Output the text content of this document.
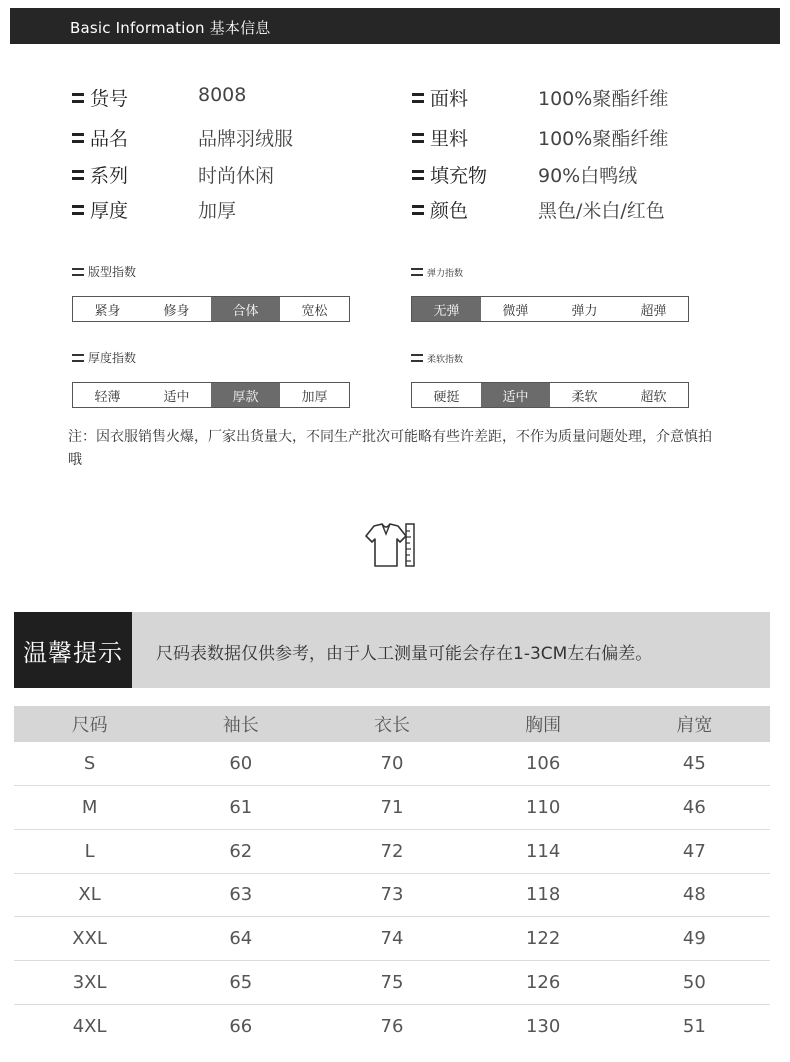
Basic Information 基本信息
货号	8008
品名	品牌羽绒服
系列	时尚休闲
厚度	加厚
面料	100%聚酯纤维
里料	100%聚酯纤维
填充物	90%白鸭绒
颜色	黑色/米白/红色
版型指数
紧身	修身	合体	宽松
弹力指数
无弹	微弹	弹力	超弹
厚度指数
轻薄	适中	厚款	加厚
柔软指数
硬挺	适中	柔软	超软
注：因衣服销售火爆，厂家出货量大，不同生产批次可能略有些许差距，不作为质量问题处理，介意慎拍哦
温馨提示	尺码表数据仅供参考，由于人工测量可能会存在1-3CM左右偏差。
尺码	袖长	衣长	胸围	肩宽
S	60	70	106	45
M	61	71	110	46
L	62	72	114	47
XL	63	73	118	48
XXL	64	74	122	49
3XL	65	75	126	50
4XL	66	76	130	51
